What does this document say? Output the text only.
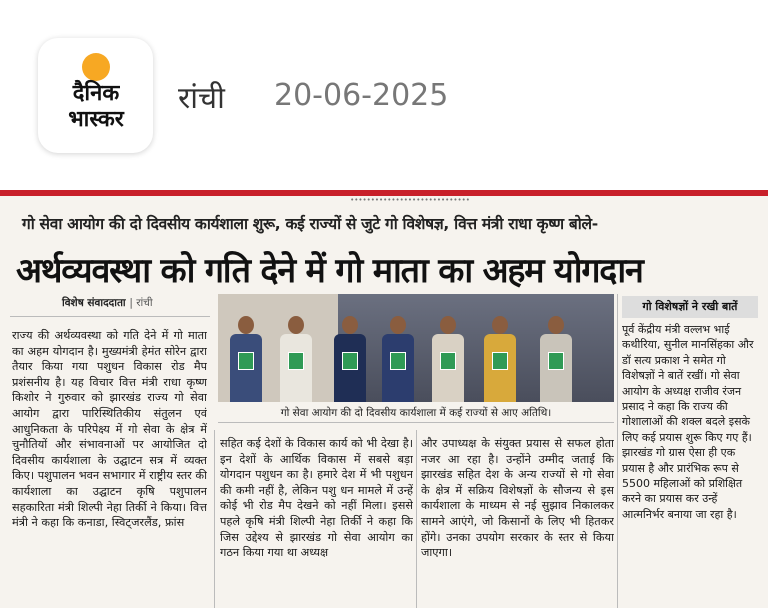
दैनिक
भास्कर
रांची 20-06-2025
•••••••••••••••••••••••••••••
गो सेवा आयोग की दो दिवसीय कार्यशाला शुरू, कई राज्यों से जुटे गो विशेषज्ञ, वित्त मंत्री राधा कृष्ण बोले-
अर्थव्यवस्था को गति देने में गो माता का अहम योगदान
विशेष संवाददाता | रांची
राज्य की अर्थव्यवस्था को गति देने में गो माता का अहम योगदान है। मुख्यमंत्री हेमंत सोरेन द्वारा तैयार किया गया पशुधन विकास रोड मैप प्रशंसनीय है। यह विचार वित्त मंत्री राधा कृष्ण किशोर ने गुरुवार को झारखंड राज्य गो सेवा आयोग द्वारा पारिस्थितिकीय संतुलन एवं आधुनिकता के परिपेक्ष्य में गो सेवा के क्षेत्र में चुनौतियों और संभावनाओं पर आयोजित दो दिवसीय कार्यशाला के उद्घाटन सत्र में व्यक्त किए। पशुपालन भवन सभागार में राष्ट्रीय स्तर की कार्यशाला का उद्घाटन कृषि पशुपालन सहकारिता मंत्री शिल्पी नेहा तिर्की ने किया। वित्त मंत्री ने कहा कि कनाडा, स्विट्जरलैंड, फ्रांस
गो सेवा आयोग की दो दिवसीय कार्यशाला में कई राज्यों से आए अतिथि।
सहित कई देशों के विकास कार्य को भी देखा है। इन देशों के आर्थिक विकास में सबसे बड़ा योगदान पशुधन का है। हमारे देश में भी पशुधन की कमी नहीं है, लेकिन पशु धन मामले में उन्हें कोई भी रोड मैप देखने को नहीं मिला। इससे पहले कृषि मंत्री शिल्पी नेहा तिर्की ने कहा कि जिस उद्देश्य से झारखंड गो सेवा आयोग का गठन किया गया था अध्यक्ष
और उपाध्यक्ष के संयुक्त प्रयास से सफल होता नजर आ रहा है। उन्होंने उम्मीद जताई कि झारखंड सहित देश के अन्य राज्यों से गो सेवा के क्षेत्र में सक्रिय विशेषज्ञों के सौजन्य से इस कार्यशाला के माध्यम से नई सुझाव निकालकर सामने आएंगे, जो किसानों के लिए भी हितकर होंगे। उनका उपयोग सरकार के स्तर से किया जाएगा।
गो विशेषज्ञों ने रखी बातें
पूर्व केंद्रीय मंत्री वल्लभ भाई कथीरिया, सुनील मानसिंहका और डॉ सत्य प्रकाश ने समेत गो विशेषज्ञों ने बातें रखीं। गो सेवा आयोग के अध्यक्ष राजीव रंजन प्रसाद ने कहा कि राज्य की गोशालाओं की शक्ल बदले इसके लिए कई प्रयास शुरू किए गए हैं। झारखंड गो ग्रास ऐसा ही एक प्रयास है और प्रारंभिक रूप से 5500 महिलाओं को प्रशिक्षित करने का प्रयास कर उन्हें आत्मनिर्भर बनाया जा रहा है।
